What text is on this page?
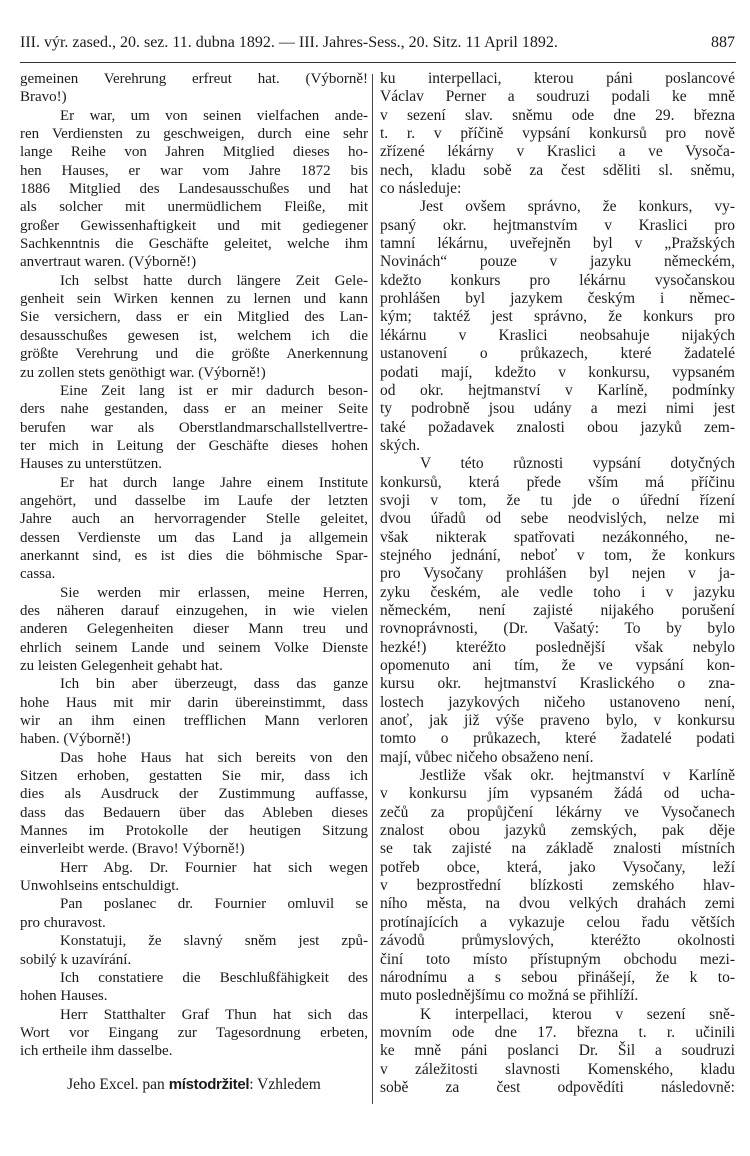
III. výr. zased., 20. sez. 11. dubna 1892. — III. Jahres-Sess., 20. Sitz. 11 April 1892.	887
gemeinen Verehrung erfreut hat. (Výborně!
Bravo!)
Er war, um von seinen vielfachen ande-
ren Verdiensten zu geschweigen, durch eine sehr
lange Reihe von Jahren Mitglied dieses ho-
hen Hauses, er war vom Jahre 1872 bis
1886 Mitglied des Landesausschußes und hat
als solcher mit unermüdlichem Fleiße, mit
großer Gewissenhaftigkeit und mit gediegener
Sachkenntnis die Geschäfte geleitet, welche ihm
anvertraut waren. (Výborně!)
Ich selbst hatte durch längere Zeit Gele-
genheit sein Wirken kennen zu lernen und kann
Sie versichern, dass er ein Mitglied des Lan-
desausschußes gewesen ist, welchem ich die
größte Verehrung und die größte Anerkennung
zu zollen stets genöthigt war. (Výborně!)
Eine Zeit lang ist er mir dadurch beson-
ders nahe gestanden, dass er an meiner Seite
berufen war als Oberstlandmarschallstellvertre-
ter mich in Leitung der Geschäfte dieses hohen
Hauses zu unterstützen.
Er hat durch lange Jahre einem Institute
angehört, und dasselbe im Laufe der letzten
Jahre auch an hervorragender Stelle geleitet,
dessen Verdienste um das Land ja allgemein
anerkannt sind, es ist dies die böhmische Spar-
cassa.
Sie werden mir erlassen, meine Herren,
des näheren darauf einzugehen, in wie vielen
anderen Gelegenheiten dieser Mann treu und
ehrlich seinem Lande und seinem Volke Dienste
zu leisten Gelegenheit gehabt hat.
Ich bin aber überzeugt, dass das ganze
hohe Haus mit mir darin übereinstimmt, dass
wir an ihm einen trefflichen Mann verloren
haben. (Výborně!)
Das hohe Haus hat sich bereits von den
Sitzen erhoben, gestatten Sie mir, dass ich
dies als Ausdruck der Zustimmung auffasse,
dass das Bedauern über das Ableben dieses
Mannes im Protokolle der heutigen Sitzung
einverleibt werde. (Bravo! Výborně!)
Herr Abg. Dr. Fournier hat sich wegen
Unwohlseins entschuldigt.
Pan poslanec dr. Fournier omluvil se
pro churavost.
Konstatuji, že slavný sněm jest způ-
sobilý k uzavírání.
Ich constatiere die Beschlußfähigkeit des
hohen Hauses.
Herr Statthalter Graf Thun hat sich das
Wort vor Eingang zur Tagesordnung erbeten,
ich ertheile ihm dasselbe.
ku interpellaci, kterou páni poslancové
Václav Perner a soudruzi podali ke mně
v sezení slav. sněmu ode dne 29. března
t. r. v příčině vypsání konkursů pro nově
zřízené lékárny v Kraslici a ve Vysoča-
nech, kladu sobě za čest sděliti sl. sněmu,
co následuje:
Jest ovšem správno, že konkurs, vy-
psaný okr. hejtmanstvím v Kraslici pro
tamní lékárnu, uveřejněn byl v „Pražských
Novinách“ pouze v jazyku německém,
kdežto konkurs pro lékárnu vysočanskou
prohlášen byl jazykem českým i němec-
kým; taktéž jest správno, že konkurs pro
lékárnu v Kraslici neobsahuje nijakých
ustanovení o průkazech, které žadatelé
podati mají, kdežto v konkursu, vypsaném
od okr. hejtmanství v Karlíně, podmínky
ty podrobně jsou udány a mezi nimi jest
také požadavek znalosti obou jazyků zem-
ských.
V této různosti vypsání dotyčných
konkursů, která přede vším má příčinu
svoji v tom, že tu jde o úřední řízení
dvou úřadů od sebe neodvislých, nelze mi
však nikterak spatřovati nezákonného, ne-
stejného jednání, neboť v tom, že konkurs
pro Vysočany prohlášen byl nejen v ja-
zyku českém, ale vedle toho i v jazyku
německém, není zajisté nijakého porušení
rovnoprávnosti, (Dr. Vašatý: To by bylo
hezké!) kteréžto poslednější však nebylo
opomenuto ani tím, že ve vypsání kon-
kursu okr. hejtmanství Kraslického o zna-
lostech jazykových ničeho ustanoveno není,
anoť, jak již výše praveno bylo, v konkursu
tomto o průkazech, které žadatelé podati
mají, vůbec ničeho obsaženo není.
Jestliže však okr. hejtmanství v Karlíně
v konkursu jím vypsaném žádá od ucha-
zečů za propůjčení lékárny ve Vysočanech
znalost obou jazyků zemských, pak děje
se tak zajisté na základě znalosti místních
potřeb obce, která, jako Vysočany, leží
v bezprostřední blízkosti zemského hlav-
ního města, na dvou velkých drahách zemi
protínajících a vykazuje celou řadu větších
závodů průmyslových, kteréžto okolnosti
činí toto místo přístupným obchodu mezi-
národnímu a s sebou přinášejí, že k to-
muto poslednějšímu co možná se přihlíží.
K interpellaci, kterou v sezení sně-
movním ode dne 17. března t. r. učinili
ke mně páni poslanci Dr. Šil a soudruzi
v záležitosti slavnosti Komenského, kladu
sobě za čest odpovědíti následovně:
Jeho Excel. pan místodržitel: Vzhledem
